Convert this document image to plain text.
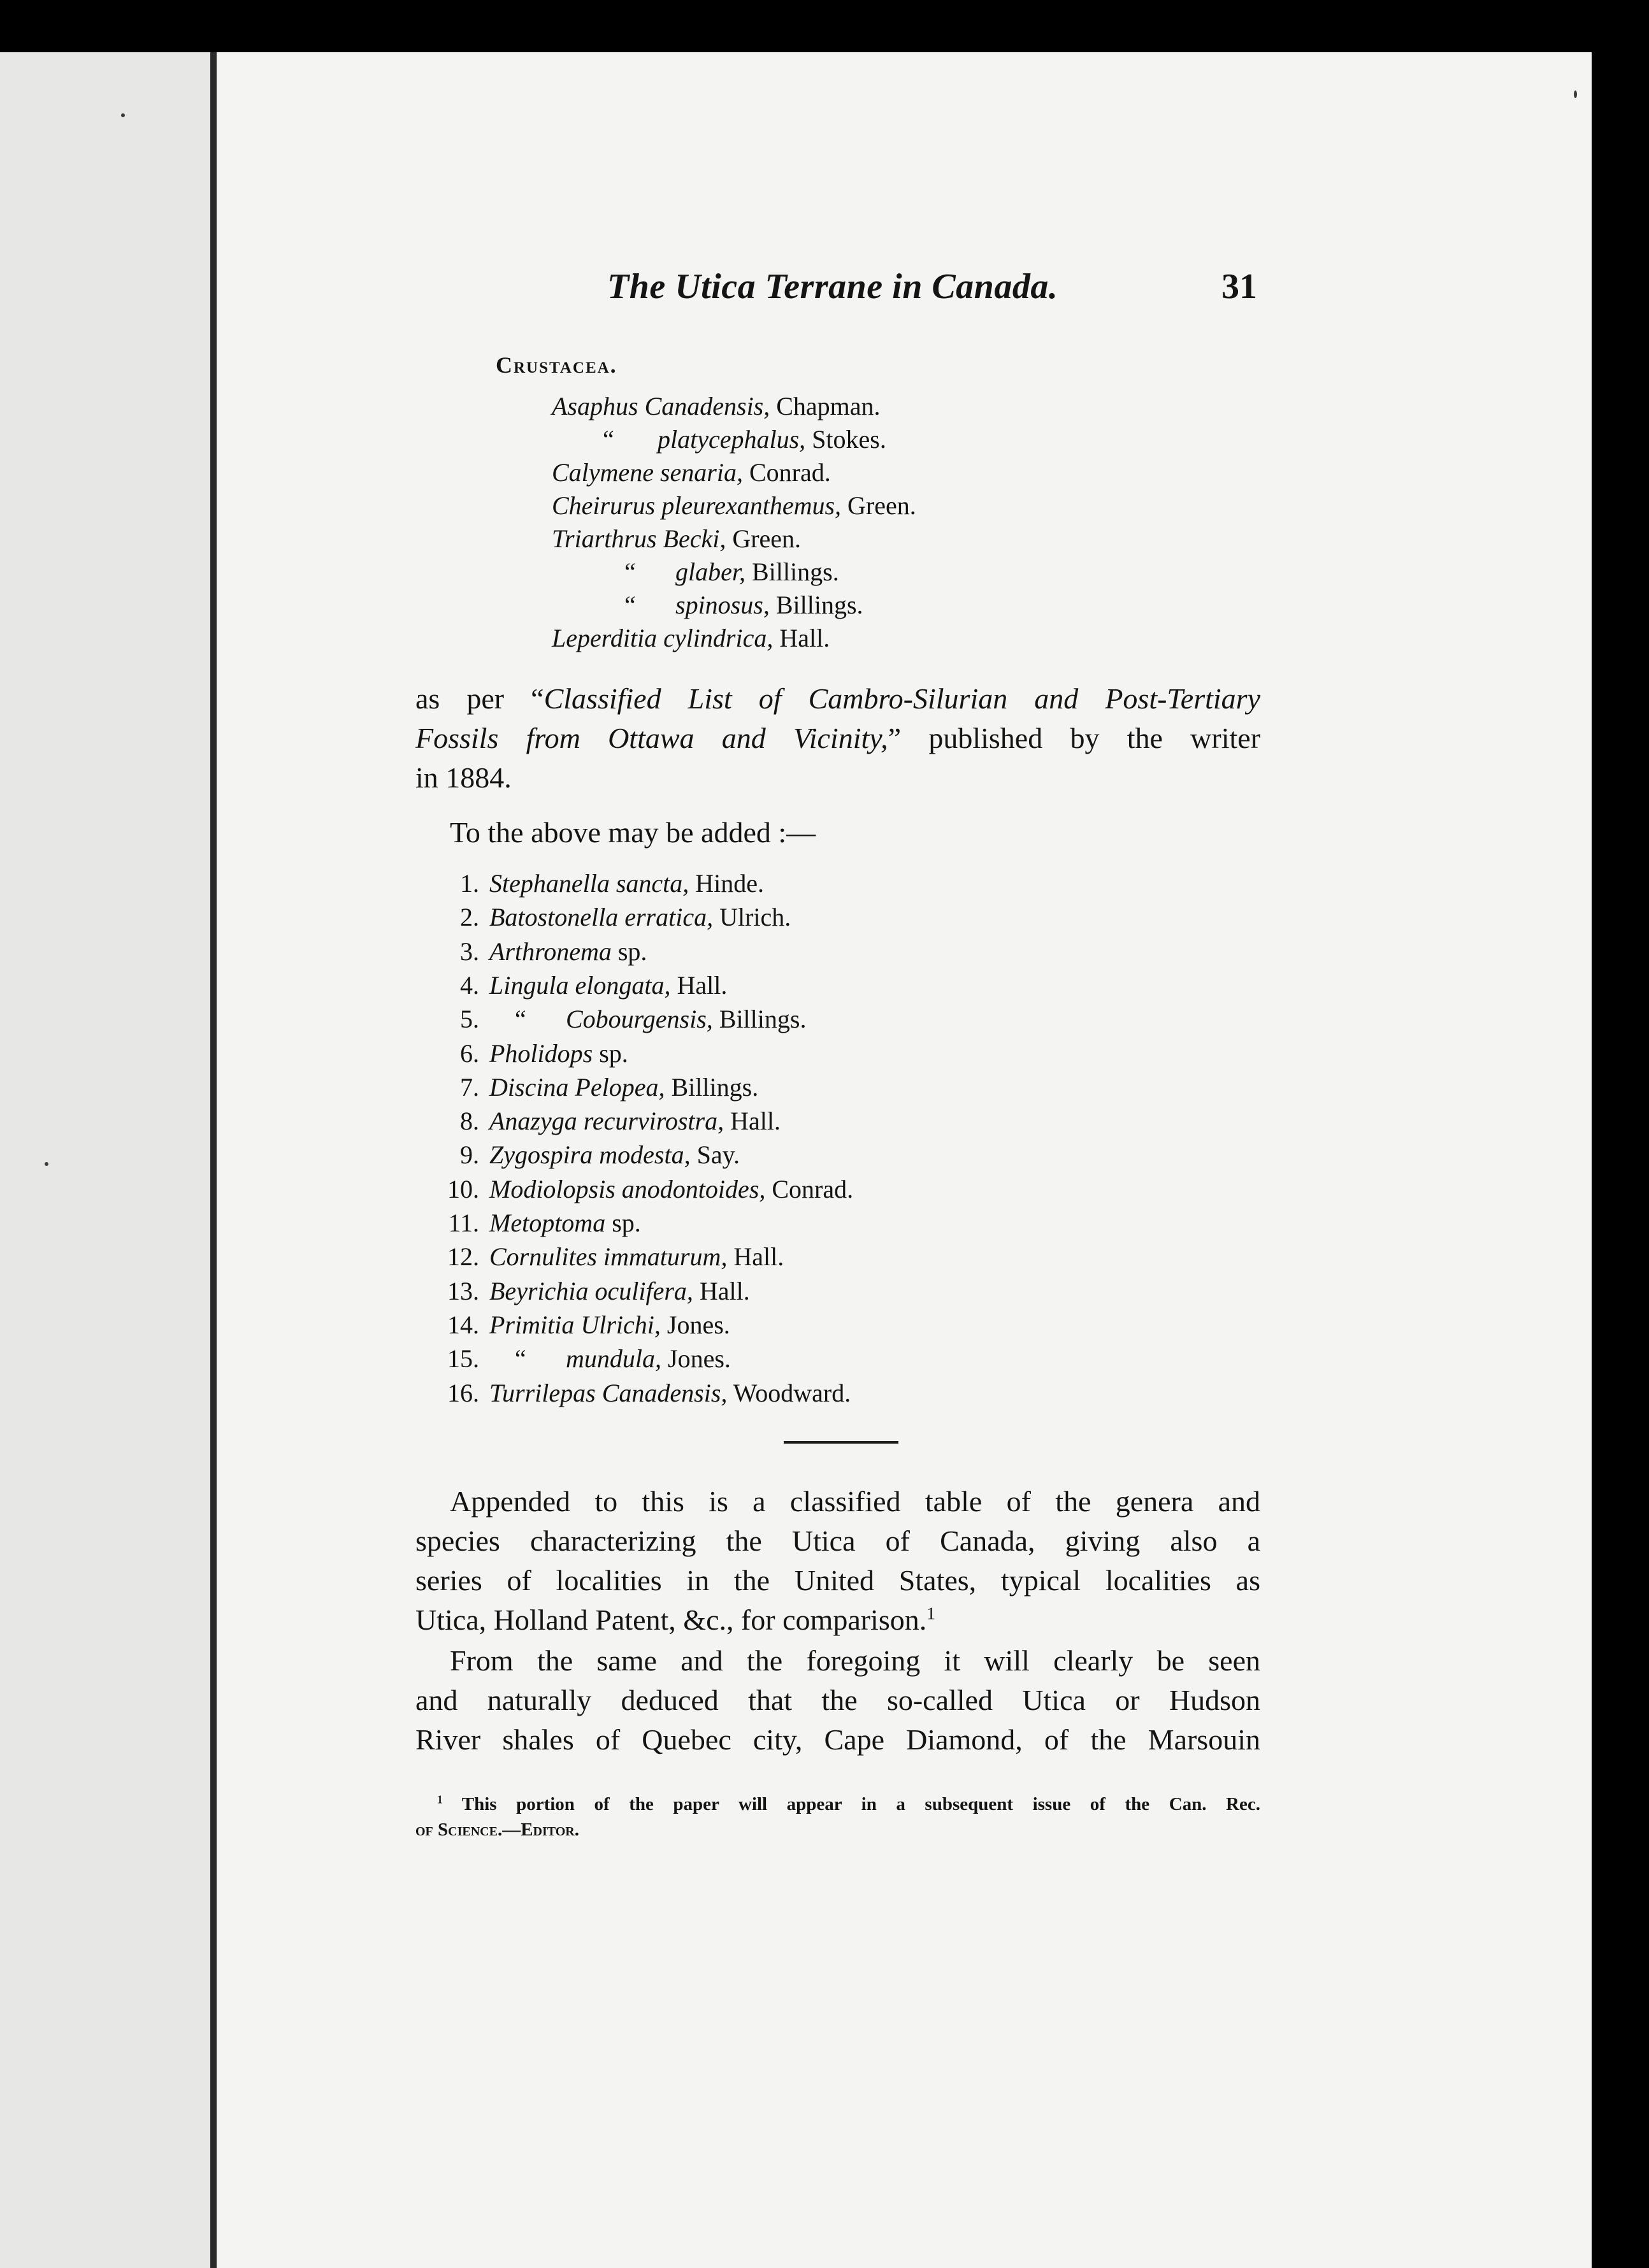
The Utica Terrane in Canada.	31

Crustacea.

Asaphus Canadensis, Chapman.

“ platycephalus, Stokes.

Calymene senaria, Conrad.

Cheirurus pleurexanthemus, Green.

Triarthrus Becki, Green.

“ glaber, Billings.

“ spinosus, Billings.

Leperditia cylindrica, Hall.

as per “Classified List of Cambro-Silurian and Post-Tertiary

Fossils from Ottawa and Vicinity,” published by the writer

in 1884.

To the above may be added :—

1. Stephanella sancta, Hinde.

2. Batostonella erratica, Ulrich.

3. Arthronema sp.

4. Lingula elongata, Hall.

5. “ Cobourgensis, Billings.

6. Pholidops sp.

7. Discina Pelopea, Billings.

8. Anazyga recurvirostra, Hall.

9. Zygospira modesta, Say.

10. Modiolopsis anodontoides, Conrad.

11. Metoptoma sp.

12. Cornulites immaturum, Hall.

13. Beyrichia oculifera, Hall.

14. Primitia Ulrichi, Jones.

15. “ mundula, Jones.

16. Turrilepas Canadensis, Woodward.

Appended to this is a classified table of the genera and

species characterizing the Utica of Canada, giving also a

series of localities in the United States, typical localities as

Utica, Holland Patent, &c., for comparison.$^1$

From the same and the foregoing it will clearly be seen

and naturally deduced that the so-called Utica or Hudson

River shales of Quebec city, Cape Diamond, of the Marsouin

$^1$ This portion of the paper will appear in a subsequent issue of the Can. Rec.

of Science.—Editor.
